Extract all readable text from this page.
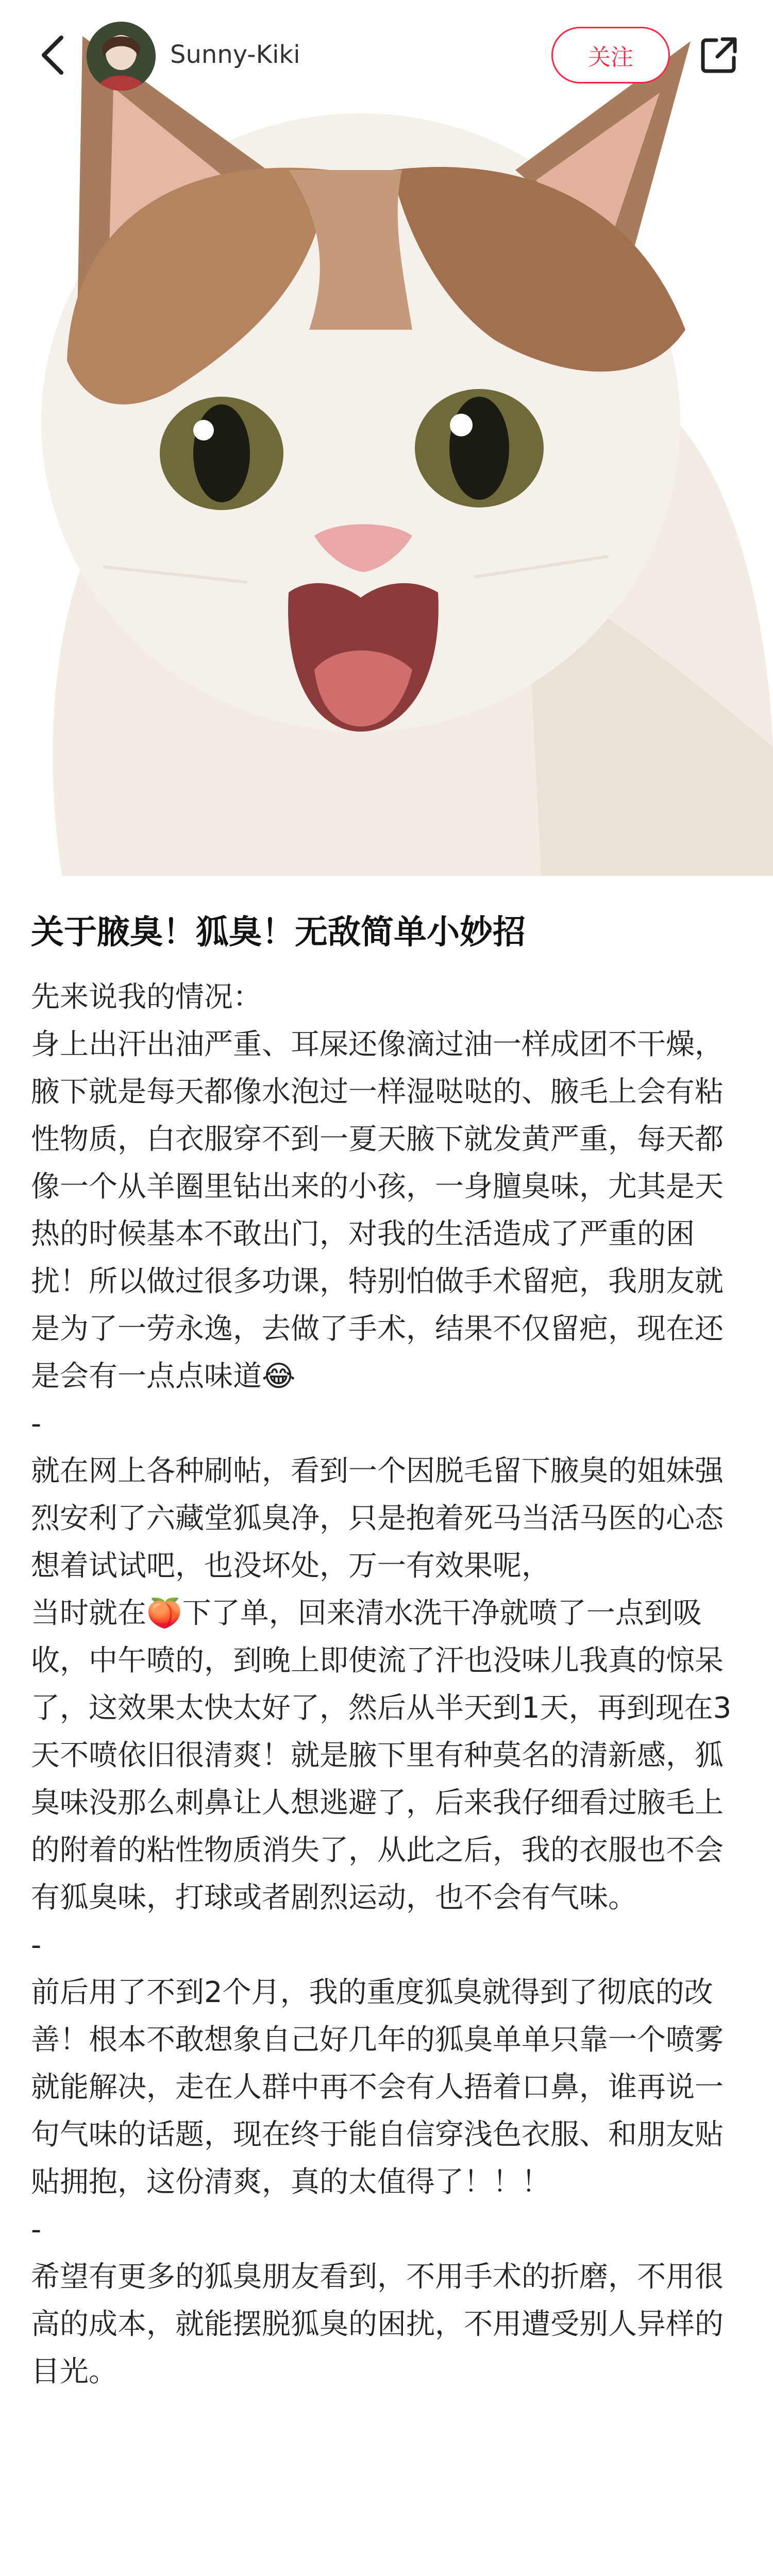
Sunny-Kiki	关注
关于腋臭！狐臭！无敌简单小妙招
先来说我的情况：
身上出汗出油严重、耳屎还像滴过油一样成团不干燥，腋下就是每天都像水泡过一样湿哒哒的、腋毛上会有粘性物质，白衣服穿不到一夏天腋下就发黄严重，每天都像一个从羊圈里钻出来的小孩，一身膻臭味，尤其是天热的时候基本不敢出门，对我的生活造成了严重的困扰！所以做过很多功课，特别怕做手术留疤，我朋友就是为了一劳永逸，去做了手术，结果不仅留疤，现在还是会有一点点味道😂
-
就在网上各种刷帖，看到一个因脱毛留下腋臭的姐妹强烈安利了六藏堂狐臭净，只是抱着死马当活马医的心态想着试试吧，也没坏处，万一有效果呢，
当时就在🍑下了单，回来清水洗干净就喷了一点到吸收，中午喷的，到晚上即使流了汗也没味儿我真的惊呆了，这效果太快太好了，然后从半天到1天，再到现在3天不喷依旧很清爽！就是腋下里有种莫名的清新感，狐臭味没那么刺鼻让人想逃避了，后来我仔细看过腋毛上的附着的粘性物质消失了，从此之后，我的衣服也不会有狐臭味，打球或者剧烈运动，也不会有气味。
-
前后用了不到2个月，我的重度狐臭就得到了彻底的改善！根本不敢想象自己好几年的狐臭单单只靠一个喷雾就能解决，走在人群中再不会有人捂着口鼻，谁再说一句气味的话题，现在终于能自信穿浅色衣服、和朋友贴贴拥抱，这份清爽，真的太值得了！！！
-
希望有更多的狐臭朋友看到，不用手术的折磨，不用很高的成本，就能摆脱狐臭的困扰，不用遭受别人异样的目光。
